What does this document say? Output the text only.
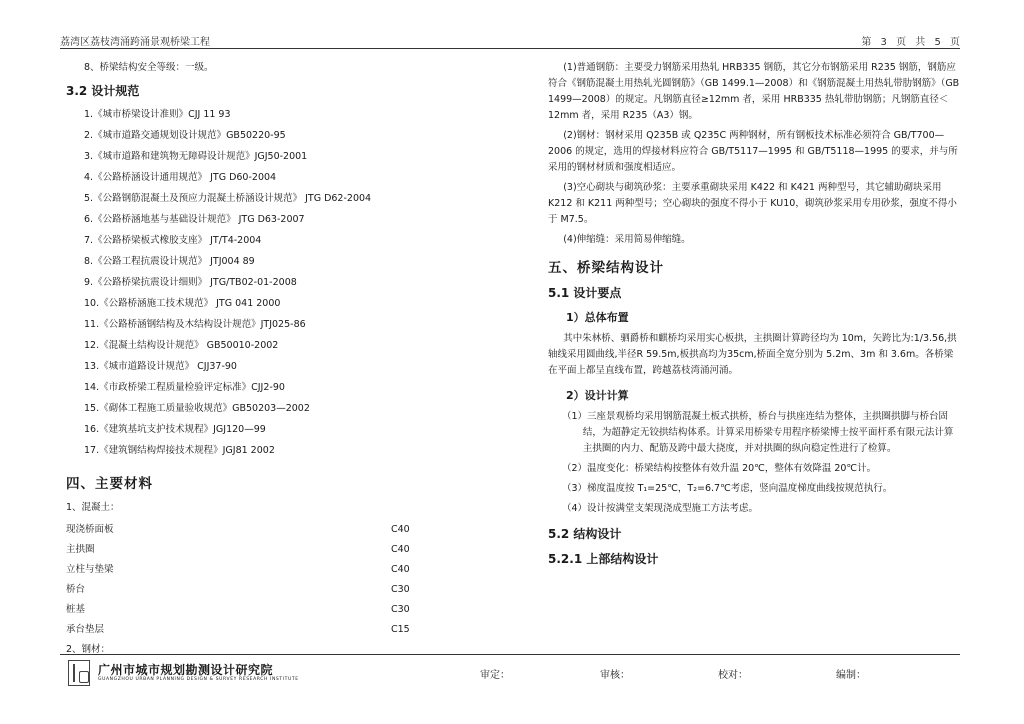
荔湾区荔枝湾涌跨涌景观桥梁工程	第 3 页 共 5 页
8、桥梁结构安全等级：一级。
3.2 设计规范
1.《城市桥梁设计准则》CJJ 11 93
2.《城市道路交通规划设计规范》GB50220-95
3.《城市道路和建筑物无障碍设计规范》JGJ50-2001
4.《公路桥涵设计通用规范》 JTG D60-2004
5.《公路钢筋混凝土及预应力混凝土桥涵设计规范》 JTG D62-2004
6.《公路桥涵地基与基础设计规范》 JTG D63-2007
7.《公路桥梁板式橡胶支座》 JT/T4-2004
8.《公路工程抗震设计规范》 JTJ004 89
9.《公路桥梁抗震设计细则》 JTG/TB02-01-2008
10.《公路桥涵施工技术规范》 JTG 041 2000
11.《公路桥涵钢结构及木结构设计规范》JTJ025-86
12.《混凝土结构设计规范》 GB50010-2002
13.《城市道路设计规范》 CJJ37-90
14.《市政桥梁工程质量检验评定标准》CJJ2-90
15.《砌体工程施工质量验收规范》GB50203—2002
16.《建筑基坑支护技术规程》JGJ120—99
17.《建筑钢结构焊接技术规程》JGJ81 2002
四、主要材料
1、混凝土：
现浇桥面板	C40
主拱圈	C40
立柱与垫梁	C40
桥台	C30
桩基	C30
承台垫层	C15
2、钢材：
(1)普通钢筋：主要受力钢筋采用热轧 HRB335 钢筋，其它分布钢筋采用 R235 钢筋，钢筋应符合《钢筋混凝土用热轧光圆钢筋》（GB 1499.1—2008）和《钢筋混凝土用热轧带肋钢筋》（GB 1499—2008）的规定。凡钢筋直径≥12mm 者，采用 HRB335 热轧带肋钢筋；凡钢筋直径＜12mm 者，采用 R235（A3）钢。
(2)钢材：钢材采用 Q235B 或 Q235C 两种钢材，所有钢板技术标准必须符合 GB/T700—2006 的规定，选用的焊接材料应符合 GB/T5117—1995 和 GB/T5118—1995 的要求，并与所采用的钢材材质和强度相适应。
(3)空心砌块与砌筑砂浆：主要承重砌块采用 K422 和 K421 两种型号，其它辅助砌块采用 K212 和 K211 两种型号；空心砌块的强度不得小于 KU10，砌筑砂浆采用专用砂浆，强度不得小于 M7.5。
(4)伸缩缝：采用简易伸缩缝。
五、桥梁结构设计
5.1 设计要点
1）总体布置
其中朱林桥、驷爵桥和麒桥均采用实心板拱，主拱圈计算跨径均为 10m，矢跨比为:1/3.56,拱轴线采用圆曲线,半径R 59.5m,板拱高均为35cm,桥面全宽分别为 5.2m、3m 和 3.6m。各桥梁在平面上都呈直线布置，跨越荔枝湾涌河涌。
2）设计计算
（1）三座景观桥均采用钢筋混凝土板式拱桥，桥台与拱座连结为整体，主拱圈拱脚与桥台固结，为超静定无铰拱结构体系。计算采用桥梁专用程序桥梁博士按平面杆系有限元法计算主拱圈的内力、配筋及跨中最大挠度，并对拱圈的纵向稳定性进行了检算。
（2）温度变化：桥梁结构按整体有效升温 20℃，整体有效降温 20℃计。
（3）梯度温度按 T₁=25℃，T₂=6.7℃考虑，竖向温度梯度曲线按规范执行。
（4）设计按满堂支架现浇成型施工方法考虑。
5.2 结构设计
5.2.1 上部结构设计
广州市城市规划勘测设计研究院
GUANGZHOU URBAN PLANNING DESIGN & SURVEY RESEARCH INSTITUTE	审定：	审核：	校对：	编制：
